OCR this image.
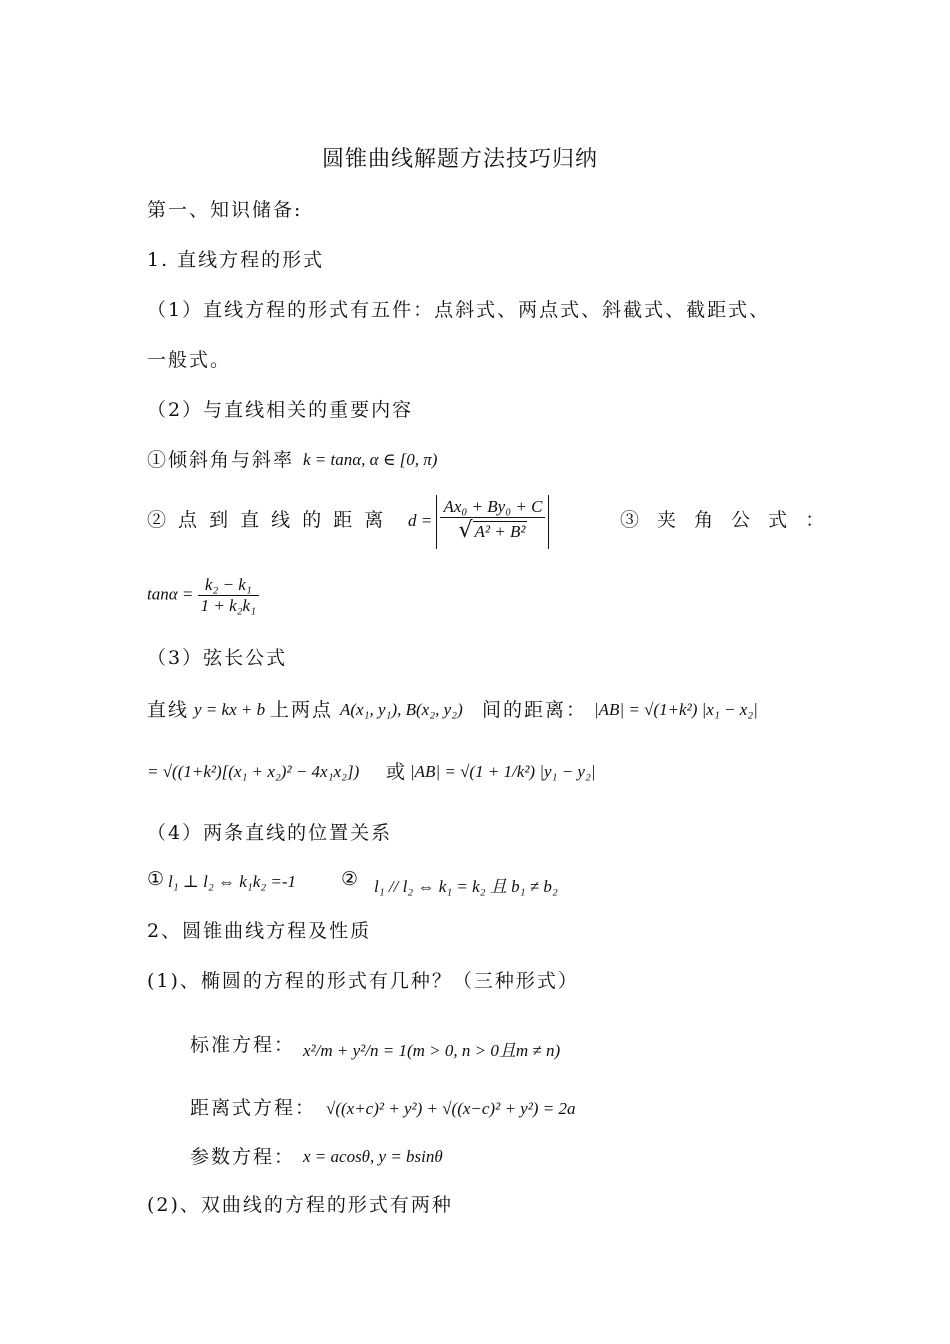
圆锥曲线解题方法技巧归纳
第一、知识储备:
1. 直线方程的形式
（1）直线方程的形式有五件：点斜式、两点式、斜截式、截距式、
一般式。
（2）与直线相关的重要内容
①倾斜角与斜率 k = tanα, α ∈ [0, π)
② 点 到 直 线 的 距 离 $d = \frac{\text{Ax₀ + By₀ + C}}{\text{√ A² + B²}}$	③ 夹 角 公 式 ：
$\tan\alpha = \frac{\text{k₂ − k₁}}{\text{1 + k₂k₁}}$
（3）弦长公式
直线 y = kx + b 上两点 A(x₁, y₁), B(x₂, y₂) 间的距离： |AB| = √(1+k²) |x₁ − x₂|
= √((1+k²)[(x₁ + x₂)² − 4x₁x₂]) 或 |AB| = √(1 + 1/k²) |y₁ − y₂|
（4）两条直线的位置关系
① l₁ ⊥ l₂ ⇔ k₁k₂ =-1 ② l₁ // l₂ ⇔ k₁ = k₂ 且 b₁ ≠ b₂
2、圆锥曲线方程及性质
(1)、椭圆的方程的形式有几种？（三种形式）
标准方程： x²/m + y²/n = 1(m > 0, n > 0且m ≠ n)
距离式方程： √((x+c)² + y²) + √((x−c)² + y²) = 2a
参数方程： x = acosθ, y = bsinθ
(2)、双曲线的方程的形式有两种
